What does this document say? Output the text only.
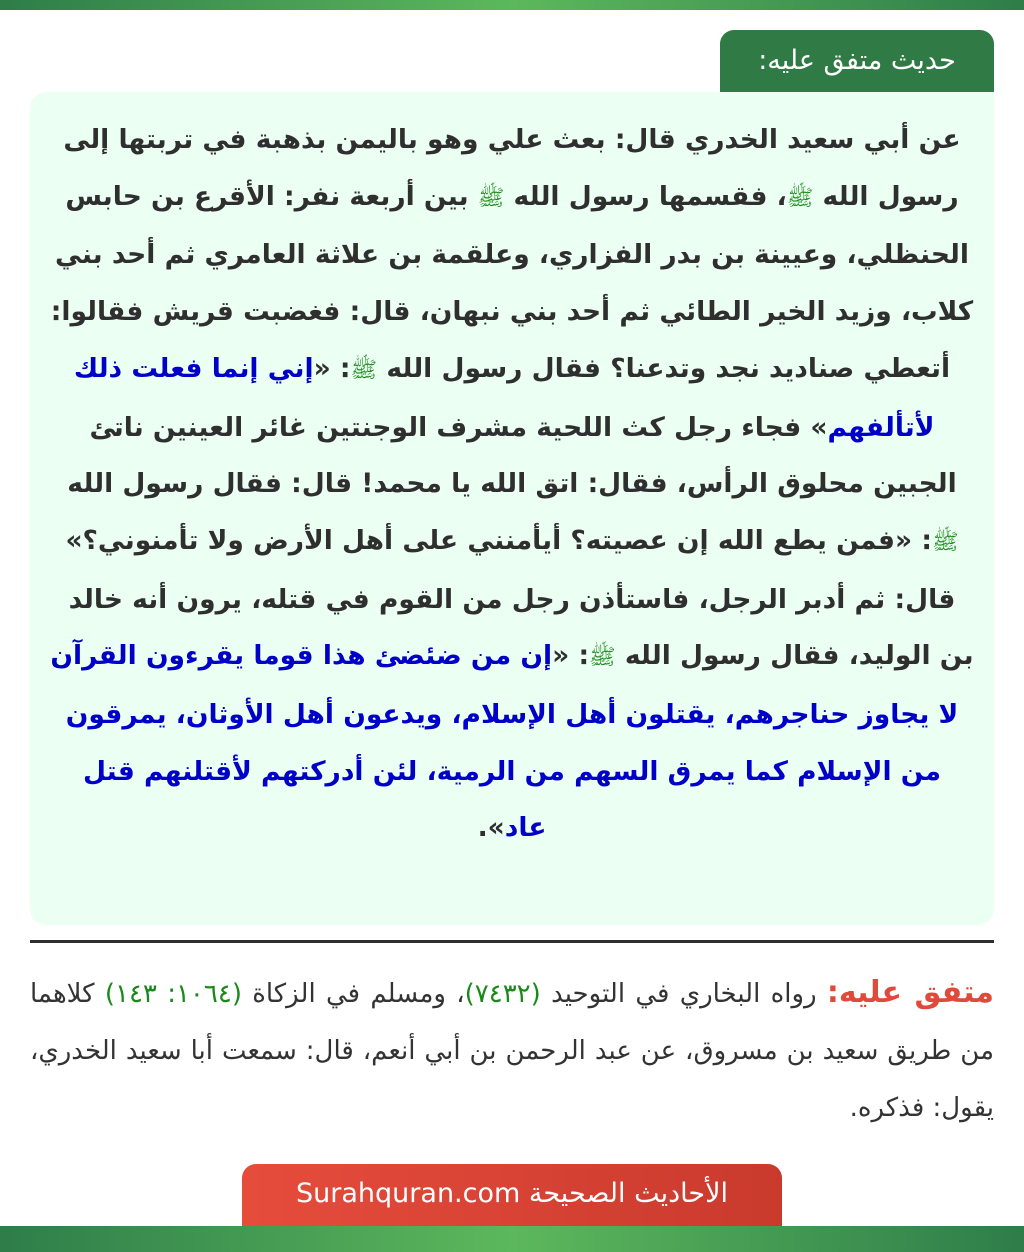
حديث متفق عليه:

عن أبي سعيد الخدري قال: بعث علي وهو باليمن بذهبة في تربتها إلى رسول الله ﷺ، فقسمها رسول الله ﷺ بين أربعة نفر: الأقرع بن حابس الحنظلي، وعيينة بن بدر الفزاري، وعلقمة بن علاثة العامري ثم أحد بني كلاب، وزيد الخير الطائي ثم أحد بني نبهان، قال: فغضبت قريش فقالوا: أتعطي صناديد نجد وتدعنا؟ فقال رسول الله ﷺ: «إني إنما فعلت ذلك لأتألفهم» فجاء رجل كث اللحية مشرف الوجنتين غائر العينين ناتئ الجبين محلوق الرأس، فقال: اتق الله يا محمد! قال: فقال رسول الله ﷺ: «فمن يطع الله إن عصيته؟ أيأمنني على أهل الأرض ولا تأمنوني؟» قال: ثم أدبر الرجل، فاستأذن رجل من القوم في قتله، يرون أنه خالد بن الوليد، فقال رسول الله ﷺ: «إن من ضئضئ هذا قوما يقرءون القرآن لا يجاوز حناجرهم، يقتلون أهل الإسلام، ويدعون أهل الأوثان، يمرقون من الإسلام كما يمرق السهم من الرمية، لئن أدركتهم لأقتلنهم قتل عاد».

متفق عليه: رواه البخاري في التوحيد (٧٤٣٢)، ومسلم في الزكاة (١٠٦٤: ١٤٣) كلاهما من طريق سعيد بن مسروق، عن عبد الرحمن بن أبي أنعم، قال: سمعت أبا سعيد الخدري، يقول: فذكره.
الأحاديث الصحيحة Surahquran.com
